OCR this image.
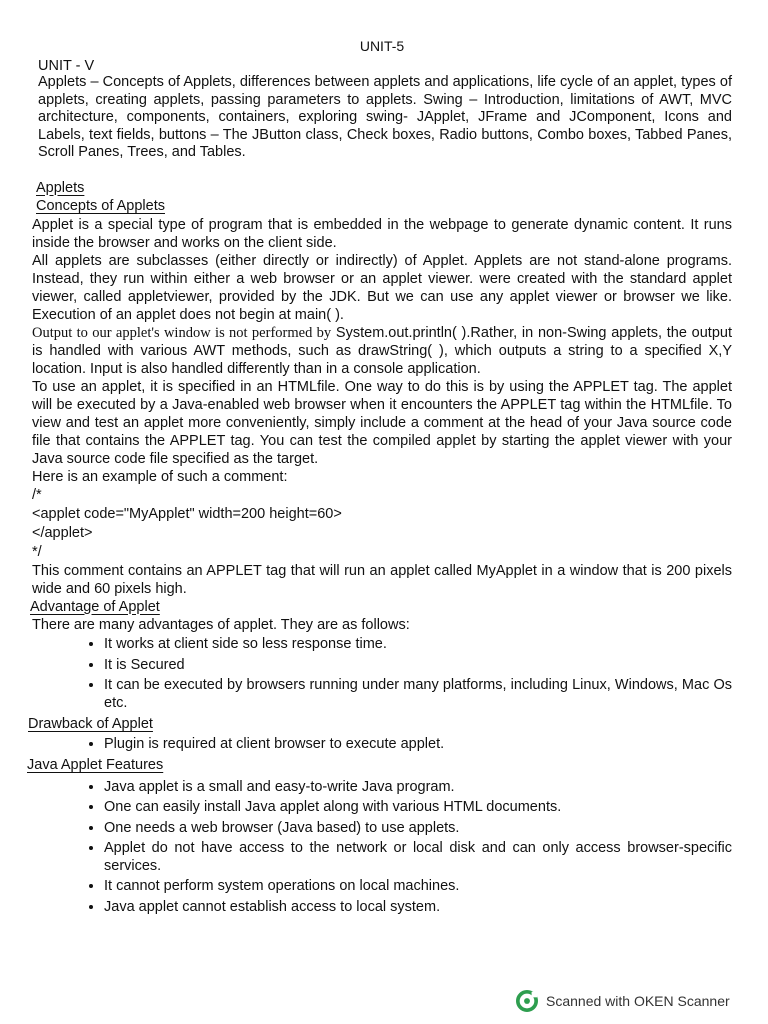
UNIT-5
UNIT - V
Applets – Concepts of Applets, differences between applets and applications, life cycle of an applet, types of applets, creating applets, passing parameters to applets. Swing – Introduction, limitations of AWT, MVC architecture, components, containers, exploring swing- JApplet, JFrame and JComponent, Icons and Labels, text fields, buttons – The JButton class, Check boxes, Radio buttons, Combo boxes, Tabbed Panes, Scroll Panes, Trees, and Tables.
Applets
Concepts of Applets

Applet is a special type of program that is embedded in the webpage to generate dynamic content. It runs inside the browser and works on the client side.

All applets are subclasses (either directly or indirectly) of Applet. Applets are not stand-alone programs. Instead, they run within either a web browser or an applet viewer. were created with the standard applet viewer, called appletviewer, provided by the JDK. But we can use any applet viewer or browser we like. Execution of an applet does not begin at main( ).

Output to our applet's window is not performed by System.out.println( ).Rather, in non-Swing applets, the output is handled with various AWT methods, such as drawString( ), which outputs a string to a specified X,Y location. Input is also handled differently than in a console application.

To use an applet, it is specified in an HTMLfile. One way to do this is by using the APPLET tag. The applet will be executed by a Java-enabled web browser when it encounters the APPLET tag within the HTMLfile. To view and test an applet more conveniently, simply include a comment at the head of your Java source code file that contains the APPLET tag. You can test the compiled applet by starting the applet viewer with your Java source code file specified as the target.

Here is an example of such a comment:

/*
<applet code="MyApplet" width=200 height=60>
</applet>
*/

This comment contains an APPLET tag that will run an applet called MyApplet in a window that is 200 pixels wide and 60 pixels high.

Advantage of Applet

There are many advantages of applet. They are as follows:

• It works at client side so less response time.
• It is Secured
• It can be executed by browsers running under many platforms, including Linux, Windows, Mac Os etc.
Drawback of Applet
• Plugin is required at client browser to execute applet.
Java Applet Features
• Java applet is a small and easy-to-write Java program.
• One can easily install Java applet along with various HTML documents.
• One needs a web browser (Java based) to use applets.
• Applet do not have access to the network or local disk and can only access browser-specific services.
• It cannot perform system operations on local machines.
• Java applet cannot establish access to local system.
Scanned with OKEN Scanner
